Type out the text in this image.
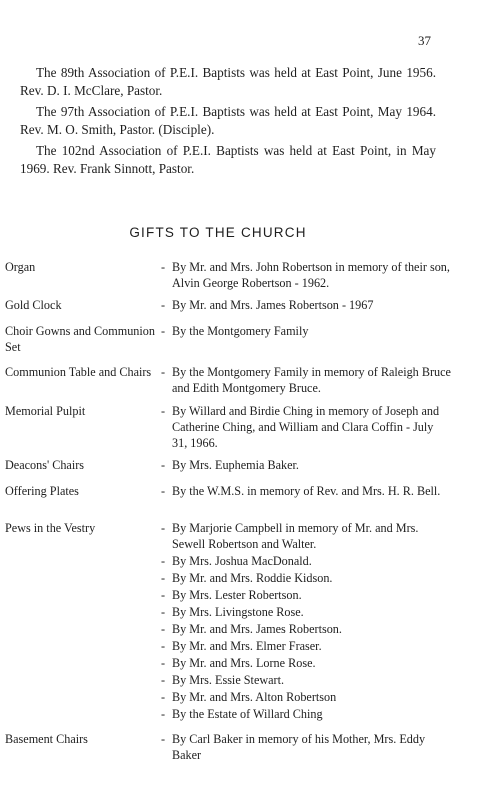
37

The 89th Association of P.E.I. Baptists was held at East Point, June 1956. Rev. D. I. McClare, Pastor.

The 97th Association of P.E.I. Baptists was held at East Point, May 1964. Rev. M. O. Smith, Pastor. (Disciple).

The 102nd Association of P.E.I. Baptists was held at East Point, in May 1969. Rev. Frank Sinnott, Pastor.

GIFTS TO THE CHURCH
Organ	- By Mr. and Mrs. John Robertson in memory of their son, Alvin George Robertson - 1962.
Gold Clock	- By Mr. and Mrs. James Robertson - 1967
Choir Gowns and Communion Set
- By the Montgomery Family
Communion Table and Chairs - By the Montgomery Family in memory of Raleigh Bruce and Edith Montgomery Bruce.
Memorial Pulpit	- By Willard and Birdie Ching in memory of Joseph and Catherine Ching, and William and Clara Coffin - July 31, 1966.
Deacons' Chairs	- By Mrs. Euphemia Baker.
Offering Plates	- By the W.M.S. in memory of Rev. and Mrs. H. R. Bell.
Pews in the Vestry	- By Marjorie Campbell in memory of Mr. and Mrs. Sewell Robertson and Walter.
- By Mrs. Joshua MacDonald.
- By Mr. and Mrs. Roddie Kidson.
- By Mrs. Lester Robertson.
- By Mrs. Livingstone Rose.
- By Mr. and Mrs. James Robertson.
- By Mr. and Mrs. Elmer Fraser.
- By Mr. and Mrs. Lorne Rose.
- By Mrs. Essie Stewart.
- By Mr. and Mrs. Alton Robertson
- By the Estate of Willard Ching
Basement Chairs	- By Carl Baker in memory of his Mother, Mrs. Eddy Baker
